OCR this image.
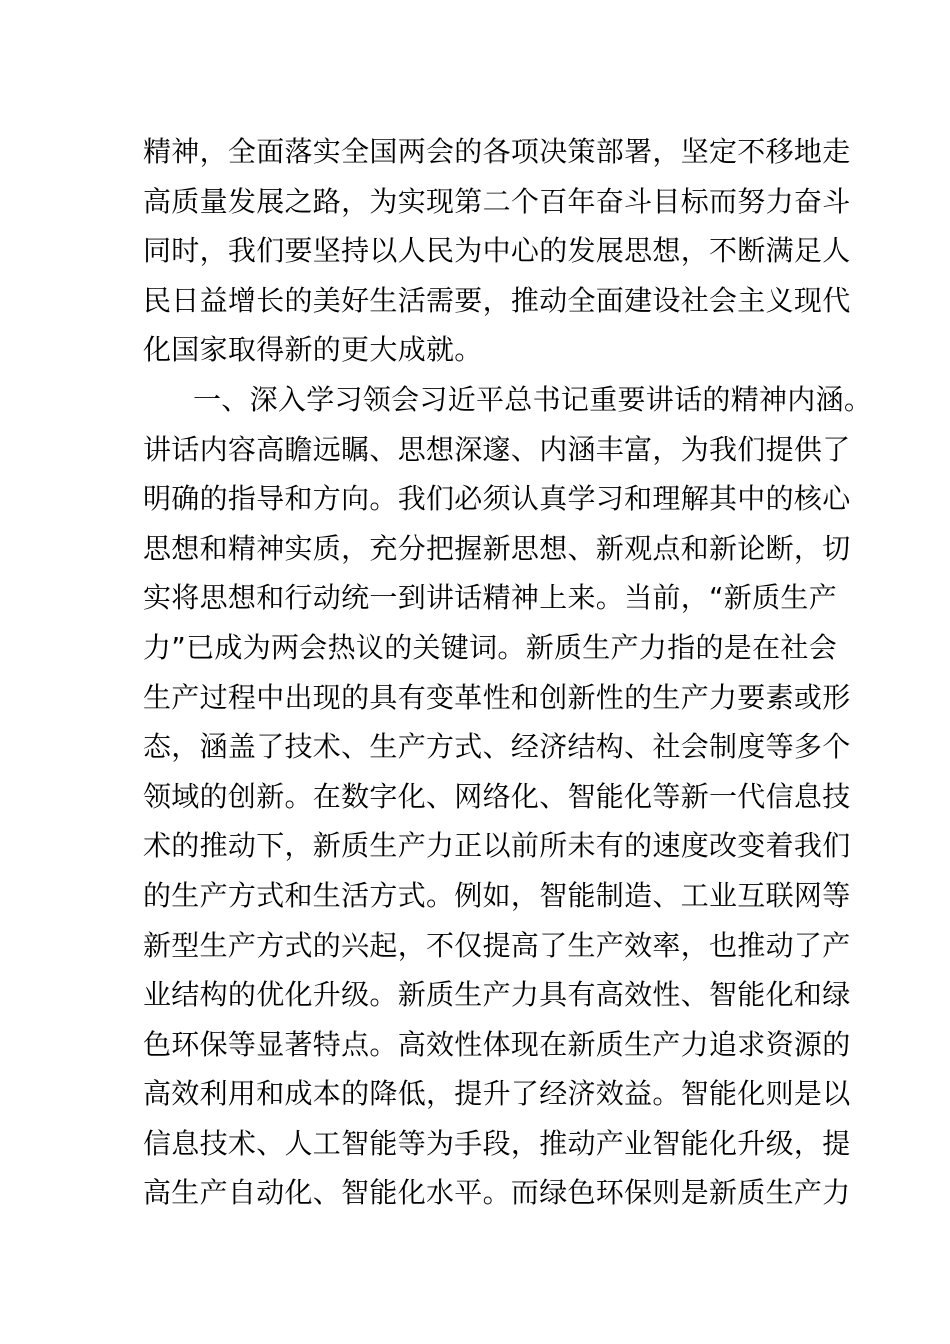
精神，全面落实全国两会的各项决策部署，坚定不移地走
高质量发展之路，为实现第二个百年奋斗目标而努力奋斗
同时，我们要坚持以人民为中心的发展思想，不断满足人
民日益增长的美好生活需要，推动全面建设社会主义现代
化国家取得新的更大成就。
一、深入学习领会习近平总书记重要讲话的精神内涵。
讲话内容高瞻远瞩、思想深邃、内涵丰富，为我们提供了
明确的指导和方向。我们必须认真学习和理解其中的核心
思想和精神实质，充分把握新思想、新观点和新论断，切
实将思想和行动统一到讲话精神上来。当前，“新质生产
力”已成为两会热议的关键词。新质生产力指的是在社会
生产过程中出现的具有变革性和创新性的生产力要素或形
态，涵盖了技术、生产方式、经济结构、社会制度等多个
领域的创新。在数字化、网络化、智能化等新一代信息技
术的推动下，新质生产力正以前所未有的速度改变着我们
的生产方式和生活方式。例如，智能制造、工业互联网等
新型生产方式的兴起，不仅提高了生产效率，也推动了产
业结构的优化升级。新质生产力具有高效性、智能化和绿
色环保等显著特点。高效性体现在新质生产力追求资源的
高效利用和成本的降低，提升了经济效益。智能化则是以
信息技术、人工智能等为手段，推动产业智能化升级，提
高生产自动化、智能化水平。而绿色环保则是新质生产力
